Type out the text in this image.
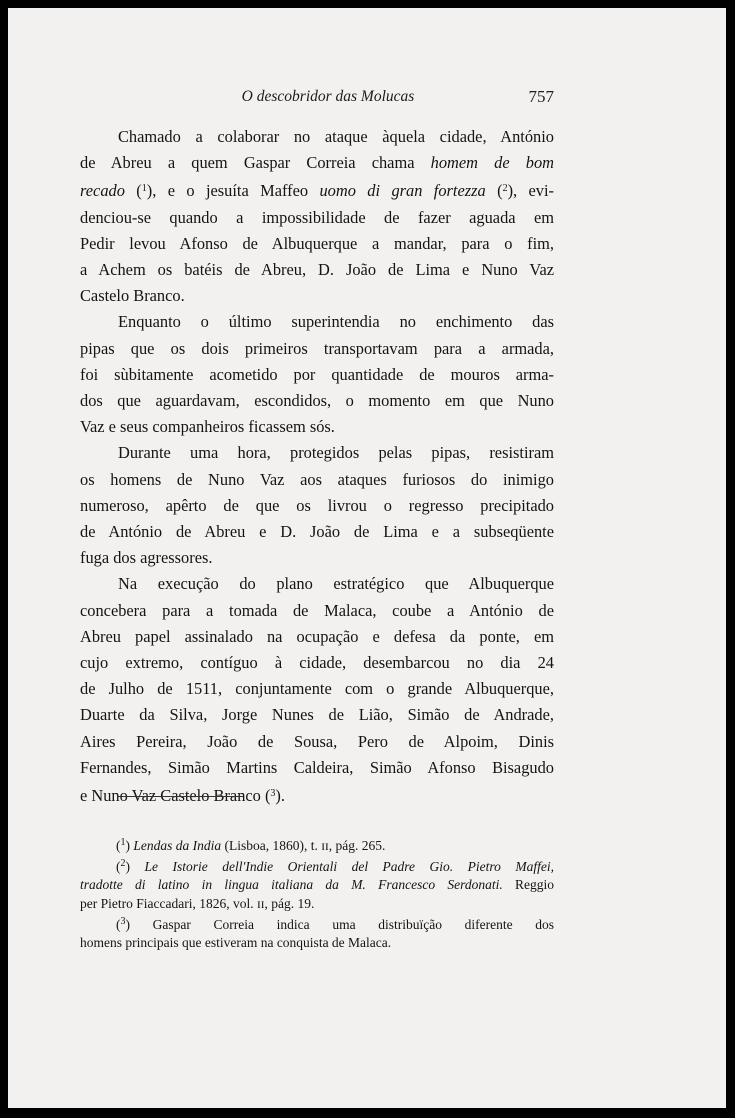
O descobridor das Molucas	757
Chamado a colaborar no ataque àquela cidade, António
de Abreu a quem Gaspar Correia chama homem de bom
recado ($^1$), e o jesuíta Maffeo uomo di gran fortezza ($^2$), evi-
denciou-se quando a impossibilidade de fazer aguada em
Pedir levou Afonso de Albuquerque a mandar, para o fim,
a Achem os batéis de Abreu, D. João de Lima e Nuno Vaz
Castelo Branco.
Enquanto o último superintendia no enchimento das
pipas que os dois primeiros transportavam para a armada,
foi sùbitamente acometido por quantidade de mouros arma-
dos que aguardavam, escondidos, o momento em que Nuno
Vaz e seus companheiros ficassem sós.
Durante uma hora, protegidos pelas pipas, resistiram
os homens de Nuno Vaz aos ataques furiosos do inimigo
numeroso, apêrto de que os livrou o regresso precipitado
de António de Abreu e D. João de Lima e a subseqüente
fuga dos agressores.
Na execução do plano estratégico que Albuquerque
concebera para a tomada de Malaca, coube a António de
Abreu papel assinalado na ocupação e defesa da ponte, em
cujo extremo, contíguo à cidade, desembarcou no dia 24
de Julho de 1511, conjuntamente com o grande Albuquerque,
Duarte da Silva, Jorge Nunes de Lião, Simão de Andrade,
Aires Pereira, João de Sousa, Pero de Alpoim, Dinis
Fernandes, Simão Martins Caldeira, Simão Afonso Bisagudo
e Nuno Vaz Castelo Branco ($^3$).
($^1$) Lendas da India (Lisboa, 1860), t. ɪɪ, pág. 265.
($^2$) Le Istorie dell'Indie Orientali del Padre Gio. Pietro Maffei,
tradotte di latino in lingua italiana da M. Francesco Serdonati. Reggio
per Pietro Fiaccadari, 1826, vol. ɪɪ, pág. 19.
($^3$) Gaspar Correia indica uma distribuïção diferente dos
homens principais que estiveram na conquista de Malaca.
